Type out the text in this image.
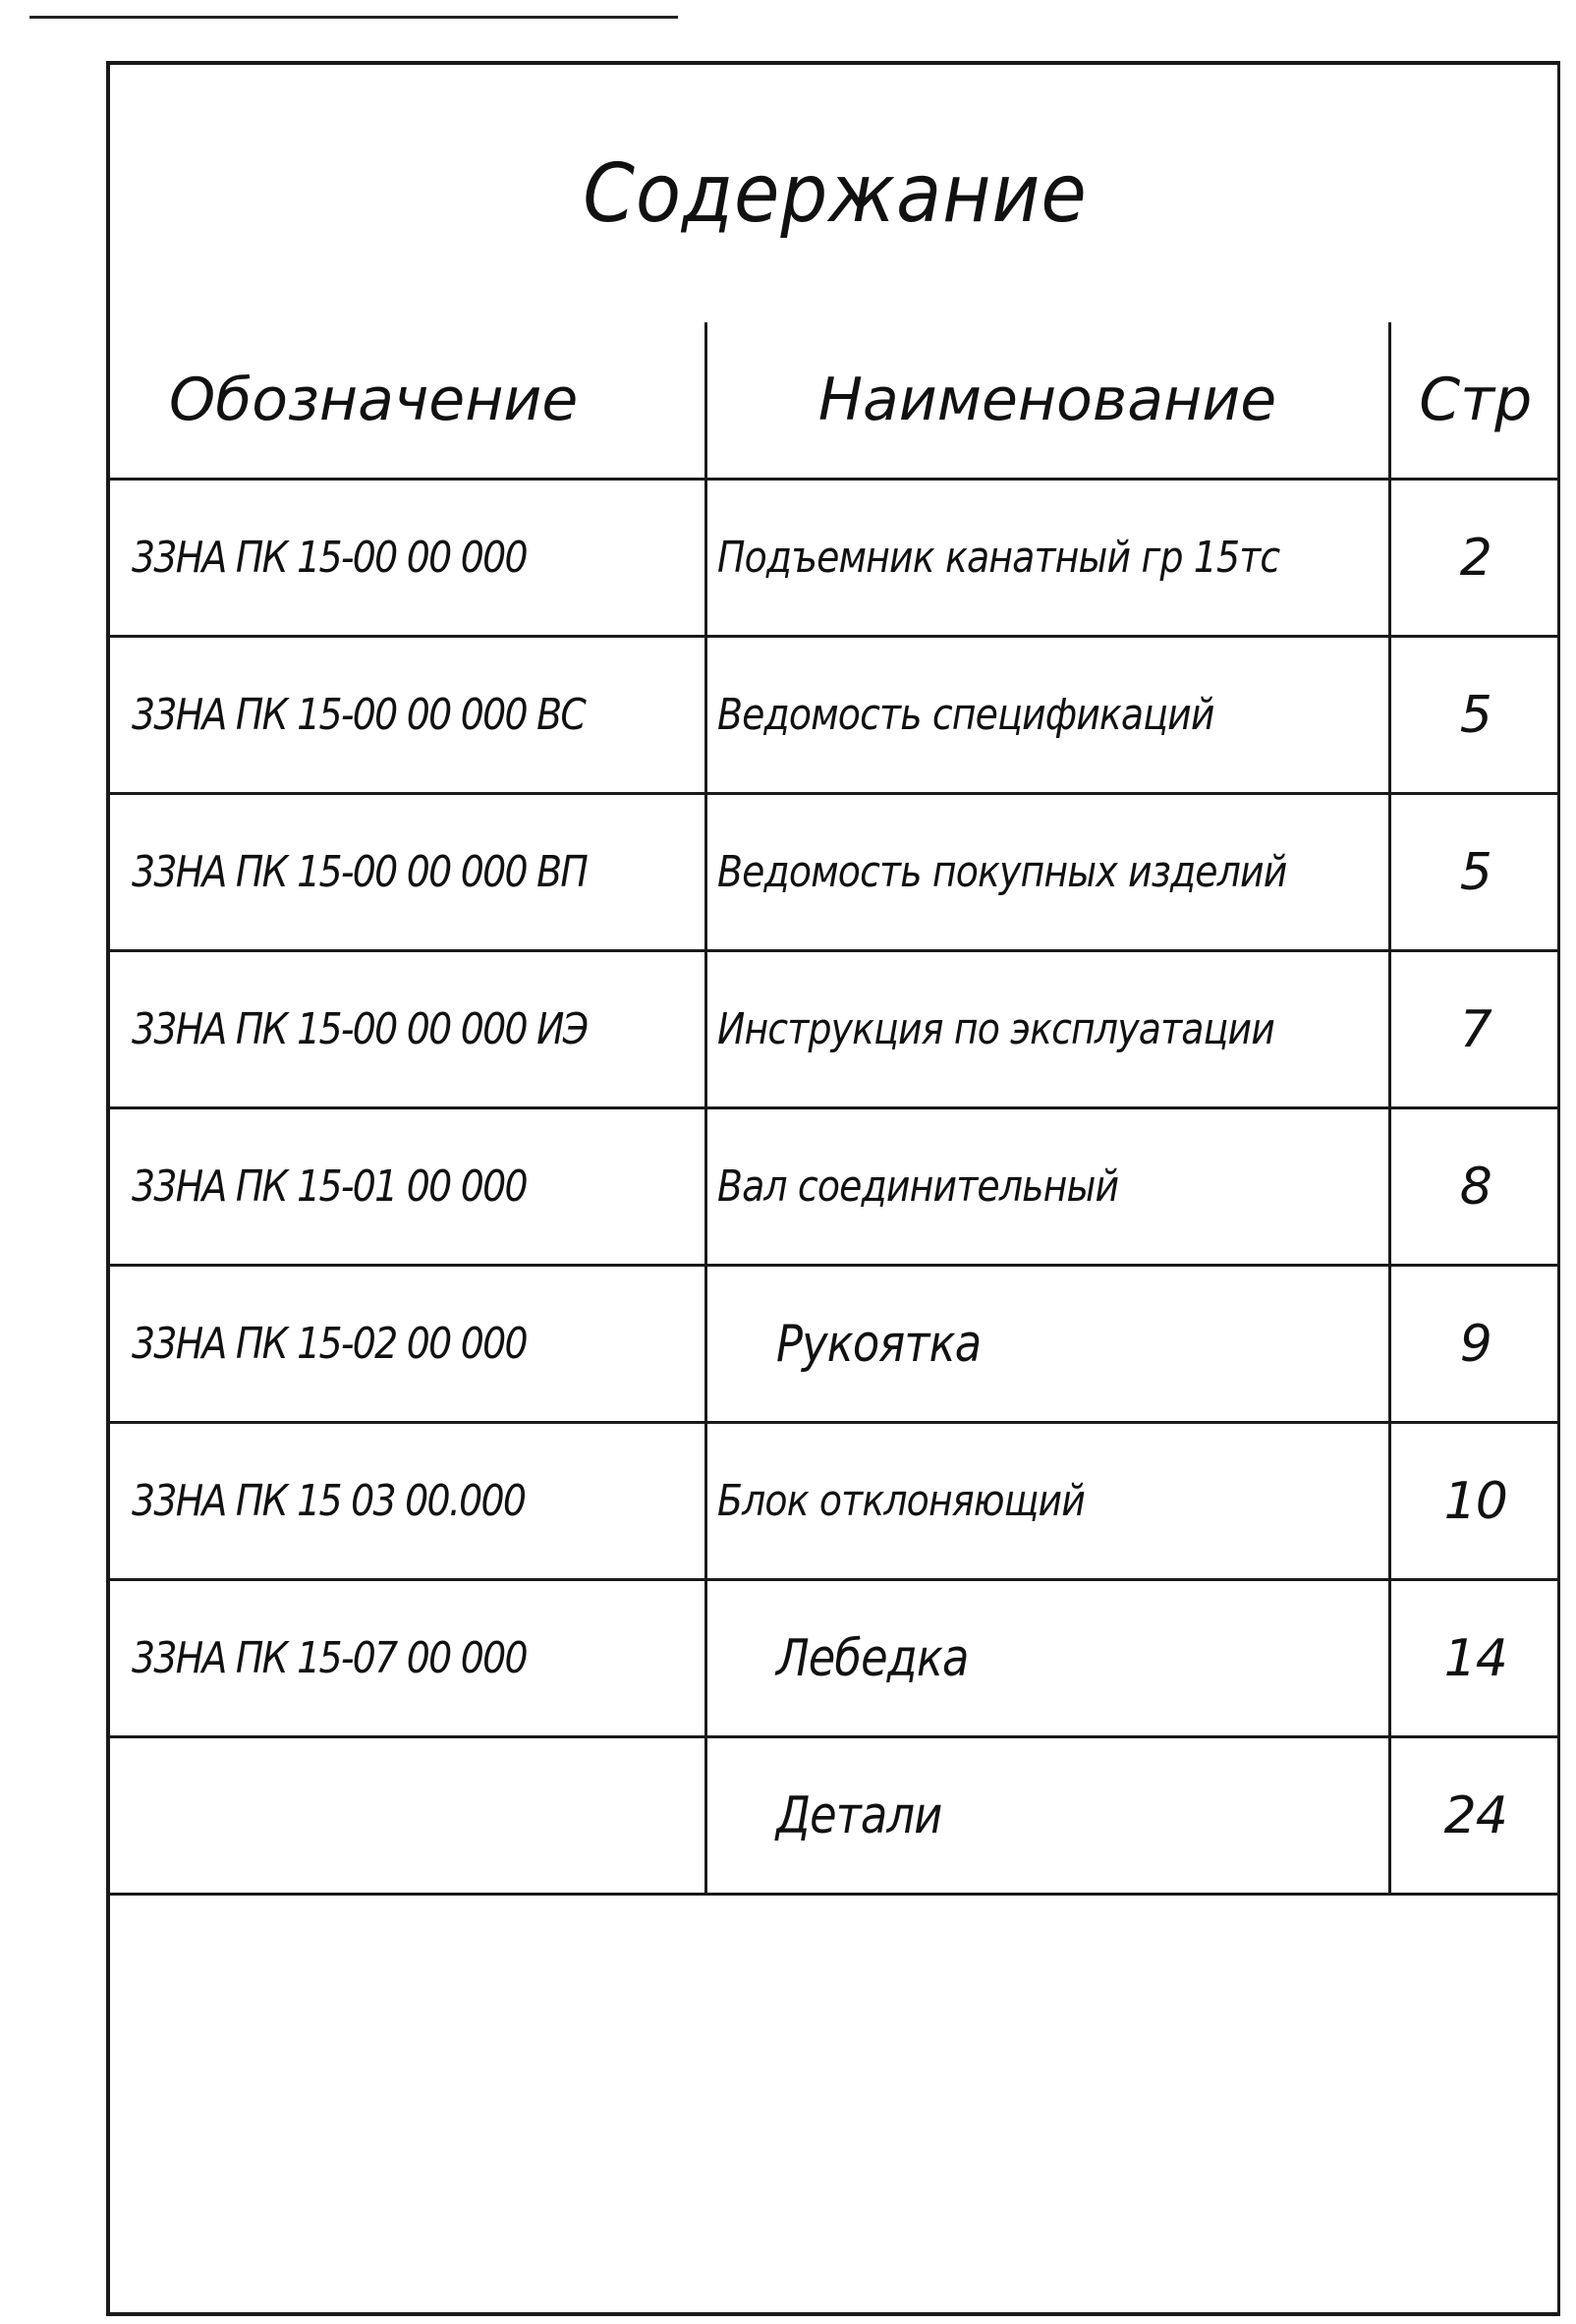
Содержание
Обозначение	Наименование	Стр
33НА ПК 15-00 00 000	Подъемник канатный гр 15тс	2
33НА ПК 15-00 00 000 ВС	Ведомость спецификаций	5
33НА ПК 15-00 00 000 ВП	Ведомость покупных изделий	5
33НА ПК 15-00 00 000 ИЭ	Инструкция по эксплуатации	7
33НА ПК 15-01 00 000	Вал соединительный	8
33НА ПК 15-02 00 000	Рукоятка	9
33НА ПК 15 03 00.000	Блок отклоняющий	10
33НА ПК 15-07 00 000	Лебедка	14
	Детали	24
